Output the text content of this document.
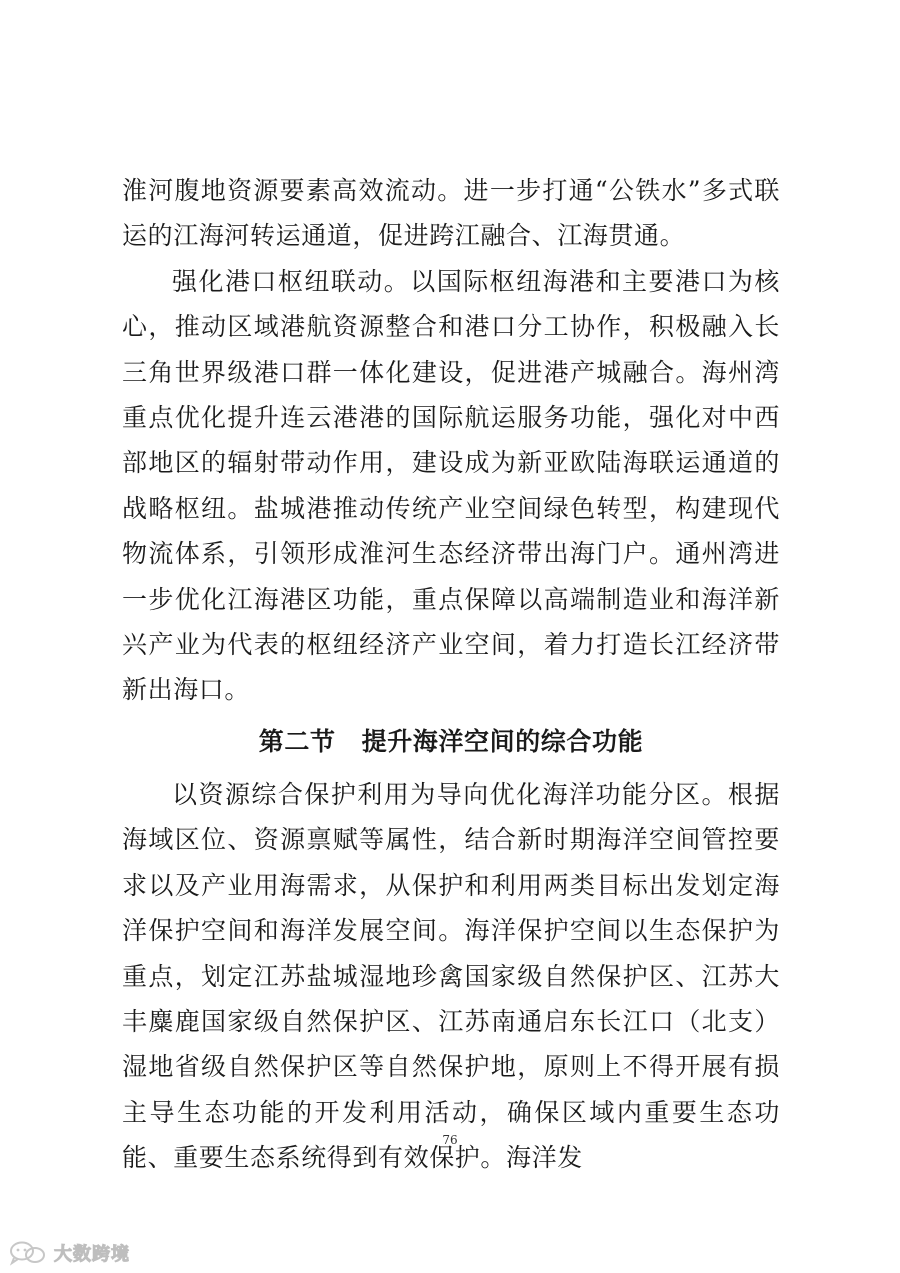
淮河腹地资源要素高效流动。进一步打通“公铁水”多式联运的江海河转运通道，促进跨江融合、江海贯通。

强化港口枢纽联动。以国际枢纽海港和主要港口为核心，推动区域港航资源整合和港口分工协作，积极融入长三角世界级港口群一体化建设，促进港产城融合。海州湾重点优化提升连云港港的国际航运服务功能，强化对中西部地区的辐射带动作用，建设成为新亚欧陆海联运通道的战略枢纽。盐城港推动传统产业空间绿色转型，构建现代物流体系，引领形成淮河生态经济带出海门户。通州湾进一步优化江海港区功能，重点保障以高端制造业和海洋新兴产业为代表的枢纽经济产业空间，着力打造长江经济带新出海口。

第二节 提升海洋空间的综合功能

以资源综合保护利用为导向优化海洋功能分区。根据海域区位、资源禀赋等属性，结合新时期海洋空间管控要求以及产业用海需求，从保护和利用两类目标出发划定海洋保护空间和海洋发展空间。海洋保护空间以生态保护为重点，划定江苏盐城湿地珍禽国家级自然保护区、江苏大丰麋鹿国家级自然保护区、江苏南通启东长江口（北支）湿地省级自然保护区等自然保护地，原则上不得开展有损主导生态功能的开发利用活动，确保区域内重要生态功能、重要生态系统得到有效保护。海洋发

76
大数跨境
